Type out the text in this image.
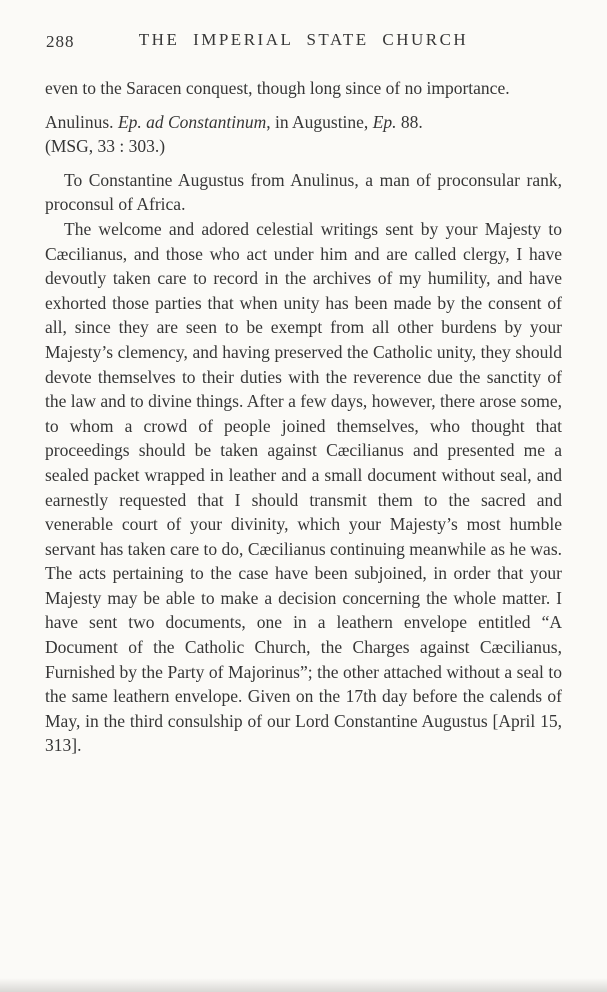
288	THE IMPERIAL STATE CHURCH

even to the Saracen conquest, though long since of no importance.

Anulinus. Ep. ad Constantinum, in Augustine, Ep. 88.
(MSG, 33 : 303.)

To Constantine Augustus from Anulinus, a man of proconsular rank, proconsul of Africa.

The welcome and adored celestial writings sent by your Majesty to Cæcilianus, and those who act under him and are called clergy, I have devoutly taken care to record in the archives of my humility, and have exhorted those parties that when unity has been made by the consent of all, since they are seen to be exempt from all other burdens by your Majesty’s clemency, and having preserved the Catholic unity, they should devote themselves to their duties with the reverence due the sanctity of the law and to divine things. After a few days, however, there arose some, to whom a crowd of people joined themselves, who thought that proceedings should be taken against Cæcilianus and presented me a sealed packet wrapped in leather and a small document without seal, and earnestly requested that I should transmit them to the sacred and venerable court of your divinity, which your Majesty’s most humble servant has taken care to do, Cæcilianus continuing meanwhile as he was. The acts pertaining to the case have been subjoined, in order that your Majesty may be able to make a decision concerning the whole matter. I have sent two documents, one in a leathern envelope entitled “A Document of the Catholic Church, the Charges against Cæcilianus, Furnished by the Party of Majorinus”; the other attached without a seal to the same leathern envelope. Given on the 17th day before the calends of May, in the third consulship of our Lord Constantine Augustus [April 15, 313].
